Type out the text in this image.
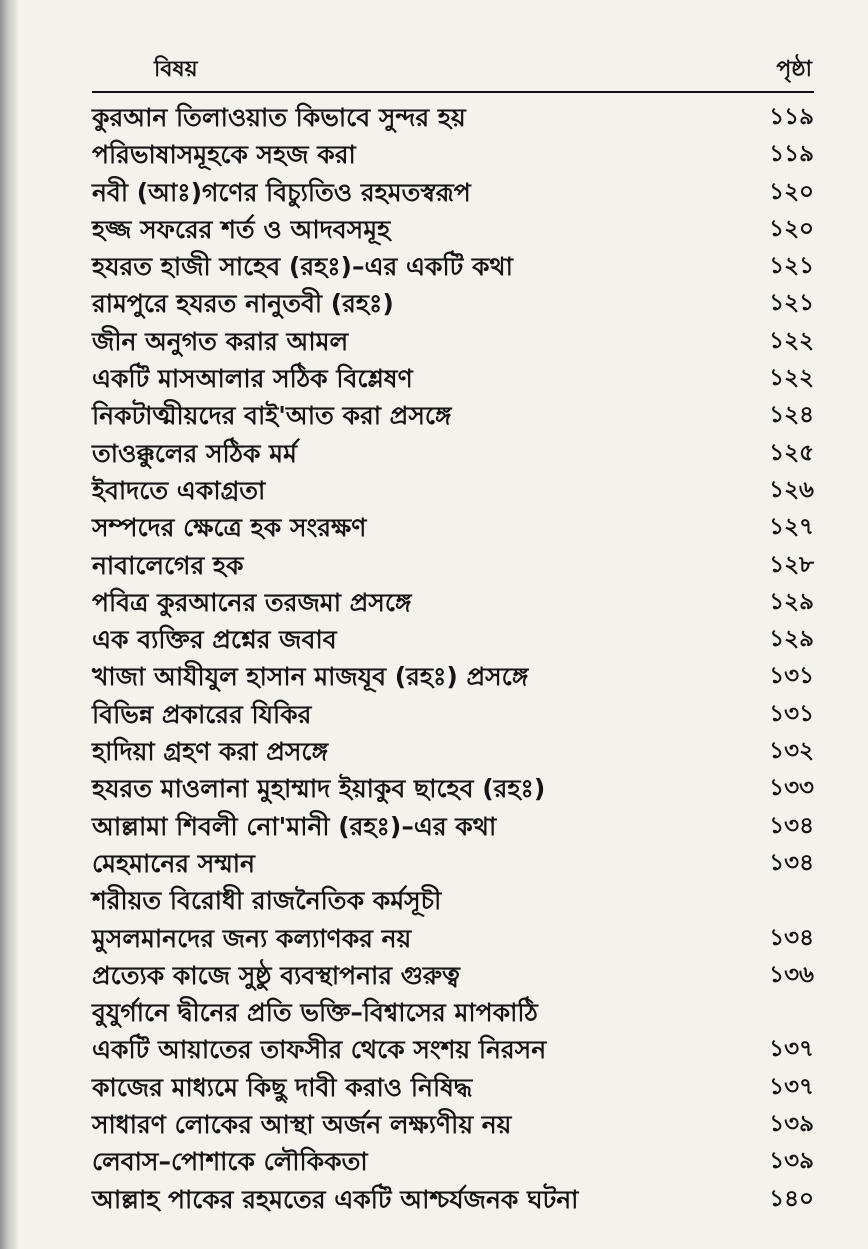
বিষয়	পৃষ্ঠা
কুরআন তিলাওয়াত কিভাবে সুন্দর হয়	১১৯
পরিভাষাসমূহকে সহজ করা	১১৯
নবী (আঃ)গণের বিচ্যুতিও রহমতস্বরূপ	১২০
হজ্জ সফরের শর্ত ও আদবসমূহ	১২০
হযরত হাজী সাহেব (রহঃ)–এর একটি কথা	১২১
রামপুরে হযরত নানুতবী (রহঃ)	১২১
জীন অনুগত করার আমল	১২২
একটি মাসআলার সঠিক বিশ্লেষণ	১২২
নিকটাত্মীয়দের বাই'আত করা প্রসঙ্গে	১২৪
তাওক্কুলের সঠিক মর্ম	১২৫
ইবাদতে একাগ্রতা	১২৬
সম্পদের ক্ষেত্রে হক সংরক্ষণ	১২৭
নাবালেগের হক	১২৮
পবিত্র কুরআনের তরজমা প্রসঙ্গে	১২৯
এক ব্যক্তির প্রশ্নের জবাব	১২৯
খাজা আযীযুল হাসান মাজযূব (রহঃ) প্রসঙ্গে	১৩১
বিভিন্ন প্রকারের যিকির	১৩১
হাদিয়া গ্রহণ করা প্রসঙ্গে	১৩২
হযরত মাওলানা মুহাম্মাদ ইয়াকুব ছাহেব (রহঃ)	১৩৩
আল্লামা শিবলী নো'মানী (রহঃ)–এর কথা	১৩৪
মেহমানের সম্মান	১৩৪
শরীয়ত বিরোধী রাজনৈতিক কর্মসূচী
মুসলমানদের জন্য কল্যাণকর নয়	১৩৪
প্রত্যেক কাজে সুষ্ঠু ব্যবস্থাপনার গুরুত্ব	১৩৬
বুযুর্গানে দ্বীনের প্রতি ভক্তি–বিশ্বাসের মাপকাঠি
একটি আয়াতের তাফসীর থেকে সংশয় নিরসন	১৩৭
কাজের মাধ্যমে কিছু দাবী করাও নিষিদ্ধ	১৩৭
সাধারণ লোকের আস্থা অর্জন লক্ষ্যণীয় নয়	১৩৯
লেবাস–পোশাকে লৌকিকতা	১৩৯
আল্লাহ পাকের রহমতের একটি আশ্চর্যজনক ঘটনা	১৪০
